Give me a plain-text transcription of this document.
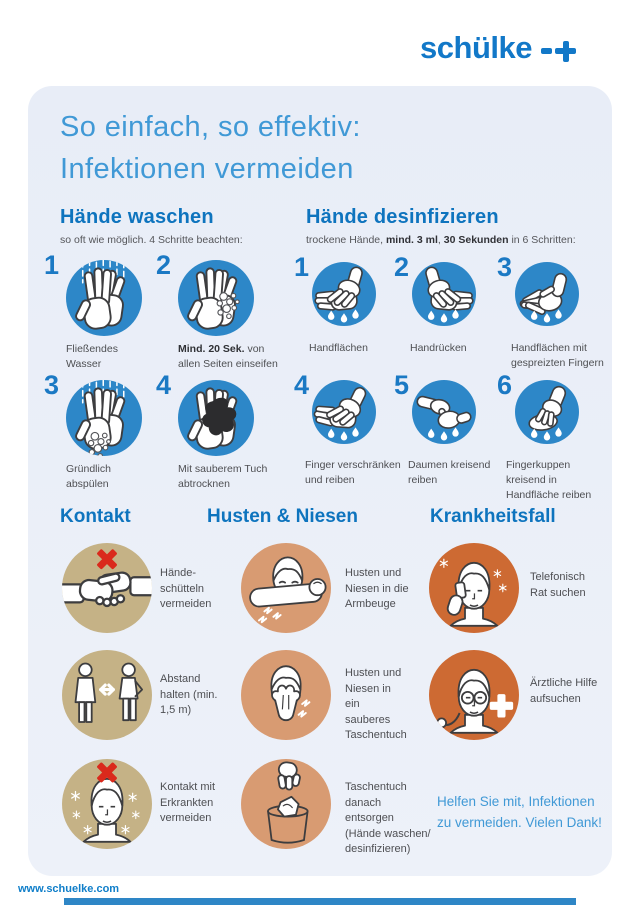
schülke
So einfach, so effektiv:
Infektionen vermeiden
Hände waschen
so oft wie möglich. 4 Schritte beachten:
1
Fließendes Wasser
2
Mind. 20 Sek. von allen Seiten einseifen
3
Gründlich abspülen
4
Mit sauberem Tuch abtrocknen
Hände desinfizieren
trockene Hände, mind. 3 ml, 30 Sekunden in 6 Schritten:
1
Handflächen
2
Handrücken
3
Handflächen mit gespreizten Fingern
4
Finger verschränken und reiben
5
Daumen kreisend reiben
6
Fingerkuppen kreisend in Handfläche reiben
Kontakt
Hände-schütteln vermeiden
Abstand halten (min. 1,5 m)
Kontakt mit Erkrankten vermeiden
Husten & Niesen
Husten und Niesen in die Armbeuge
Husten und Niesen in ein sauberes Taschentuch
Taschentuch danach entsorgen (Hände waschen/ desinfizieren)
Krankheitsfall
Telefonisch Rat suchen
Ärztliche Hilfe aufsuchen
Helfen Sie mit, Infektionen
zu vermeiden. Vielen Dank!
www.schuelke.com
